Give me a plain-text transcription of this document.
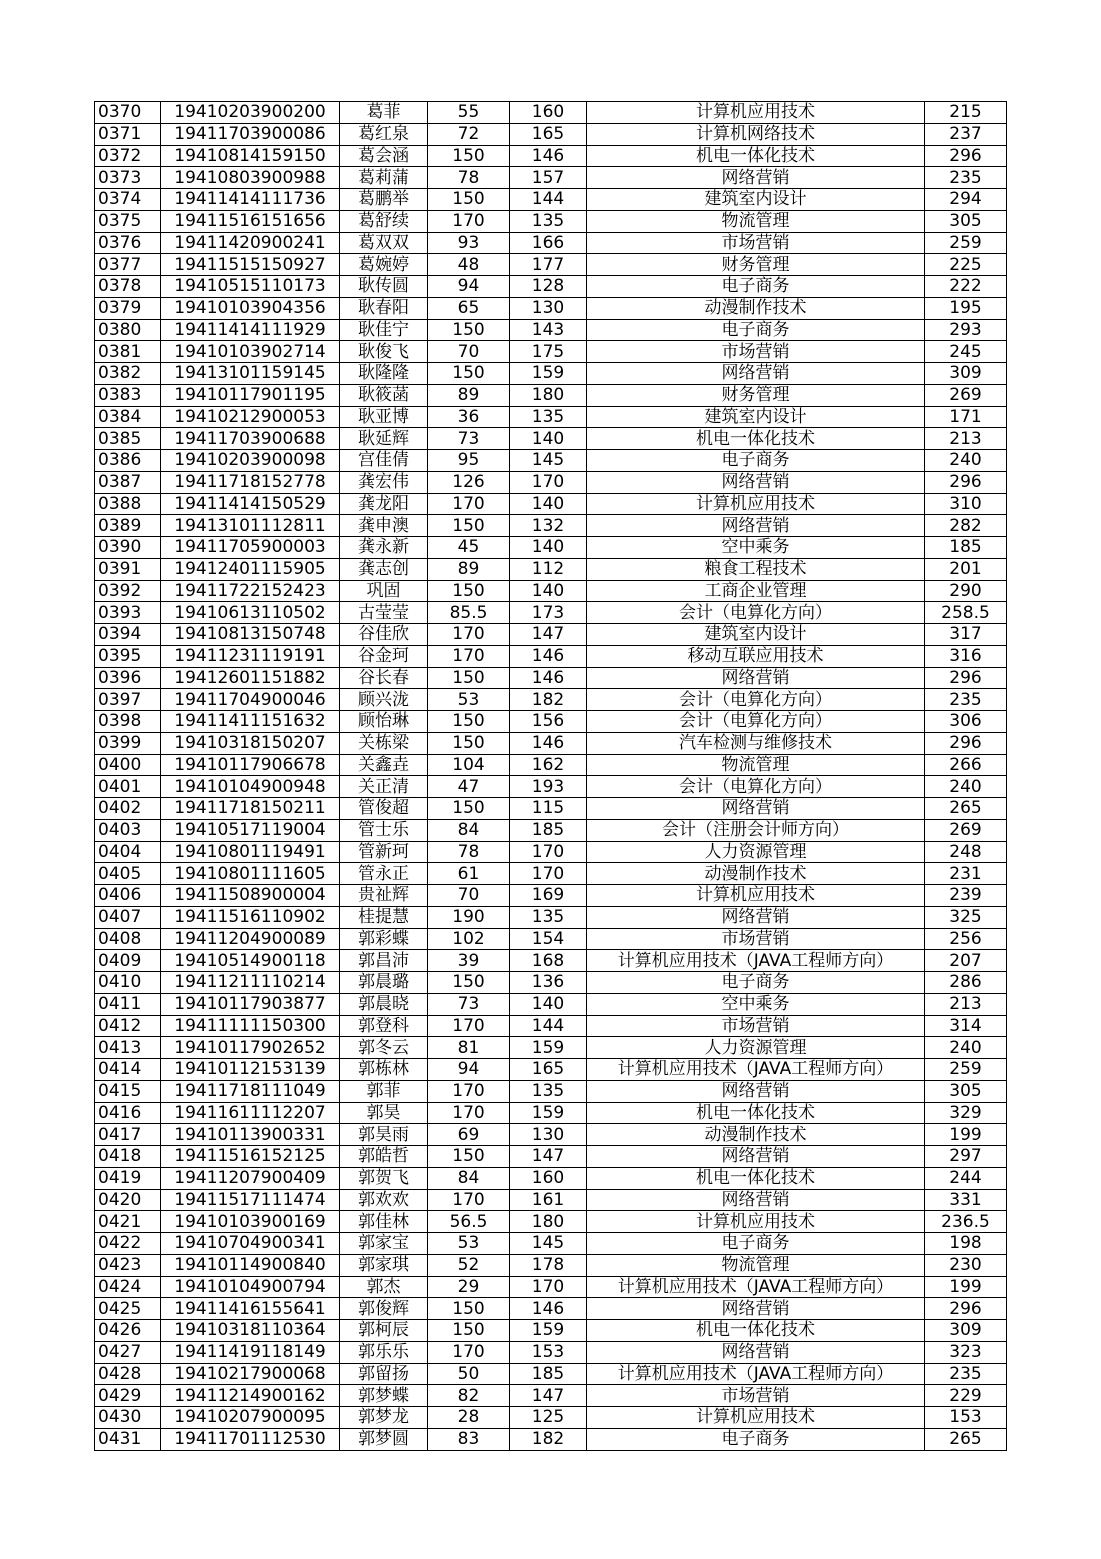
0370	19410203900200	葛菲	55	160	计算机应用技术	215
0371	19411703900086	葛红泉	72	165	计算机网络技术	237
0372	19410814159150	葛会涵	150	146	机电一体化技术	296
0373	19410803900988	葛莉蒲	78	157	网络营销	235
0374	19411414111736	葛鹏举	150	144	建筑室内设计	294
0375	19411516151656	葛舒续	170	135	物流管理	305
0376	19411420900241	葛双双	93	166	市场营销	259
0377	19411515150927	葛婉婷	48	177	财务管理	225
0378	19410515110173	耿传圆	94	128	电子商务	222
0379	19410103904356	耿春阳	65	130	动漫制作技术	195
0380	19411414111929	耿佳宁	150	143	电子商务	293
0381	19410103902714	耿俊飞	70	175	市场营销	245
0382	19413101159145	耿隆隆	150	159	网络营销	309
0383	19410117901195	耿筱菡	89	180	财务管理	269
0384	19410212900053	耿亚博	36	135	建筑室内设计	171
0385	19411703900688	耿延辉	73	140	机电一体化技术	213
0386	19410203900098	宫佳倩	95	145	电子商务	240
0387	19411718152778	龚宏伟	126	170	网络营销	296
0388	19411414150529	龚龙阳	170	140	计算机应用技术	310
0389	19413101112811	龚申澳	150	132	网络营销	282
0390	19411705900003	龚永新	45	140	空中乘务	185
0391	19412401115905	龚志创	89	112	粮食工程技术	201
0392	19411722152423	巩固	150	140	工商企业管理	290
0393	19410613110502	古莹莹	85.5	173	会计（电算化方向）	258.5
0394	19410813150748	谷佳欣	170	147	建筑室内设计	317
0395	19411231119191	谷金珂	170	146	移动互联应用技术	316
0396	19412601151882	谷长春	150	146	网络营销	296
0397	19411704900046	顾兴泷	53	182	会计（电算化方向）	235
0398	19411411151632	顾怡琳	150	156	会计（电算化方向）	306
0399	19410318150207	关栋梁	150	146	汽车检测与维修技术	296
0400	19410117906678	关鑫垚	104	162	物流管理	266
0401	19410104900948	关正清	47	193	会计（电算化方向）	240
0402	19411718150211	管俊超	150	115	网络营销	265
0403	19410517119004	管士乐	84	185	会计（注册会计师方向）	269
0404	19410801119491	管新珂	78	170	人力资源管理	248
0405	19410801111605	管永正	61	170	动漫制作技术	231
0406	19411508900004	贵祉辉	70	169	计算机应用技术	239
0407	19411516110902	桂提慧	190	135	网络营销	325
0408	19411204900089	郭彩蝶	102	154	市场营销	256
0409	19410514900118	郭昌沛	39	168	计算机应用技术（JAVA工程师方向）	207
0410	19411211110214	郭晨璐	150	136	电子商务	286
0411	19410117903877	郭晨晓	73	140	空中乘务	213
0412	19411111150300	郭登科	170	144	市场营销	314
0413	19410117902652	郭冬云	81	159	人力资源管理	240
0414	19410112153139	郭栋林	94	165	计算机应用技术（JAVA工程师方向）	259
0415	19411718111049	郭菲	170	135	网络营销	305
0416	19411611112207	郭昊	170	159	机电一体化技术	329
0417	19410113900331	郭昊雨	69	130	动漫制作技术	199
0418	19411516152125	郭皓哲	150	147	网络营销	297
0419	19411207900409	郭贺飞	84	160	机电一体化技术	244
0420	19411517111474	郭欢欢	170	161	网络营销	331
0421	19410103900169	郭佳林	56.5	180	计算机应用技术	236.5
0422	19410704900341	郭家宝	53	145	电子商务	198
0423	19410114900840	郭家琪	52	178	物流管理	230
0424	19410104900794	郭杰	29	170	计算机应用技术（JAVA工程师方向）	199
0425	19411416155641	郭俊辉	150	146	网络营销	296
0426	19410318110364	郭柯辰	150	159	机电一体化技术	309
0427	19411419118149	郭乐乐	170	153	网络营销	323
0428	19410217900068	郭留扬	50	185	计算机应用技术（JAVA工程师方向）	235
0429	19411214900162	郭梦蝶	82	147	市场营销	229
0430	19410207900095	郭梦龙	28	125	计算机应用技术	153
0431	19411701112530	郭梦圆	83	182	电子商务	265
